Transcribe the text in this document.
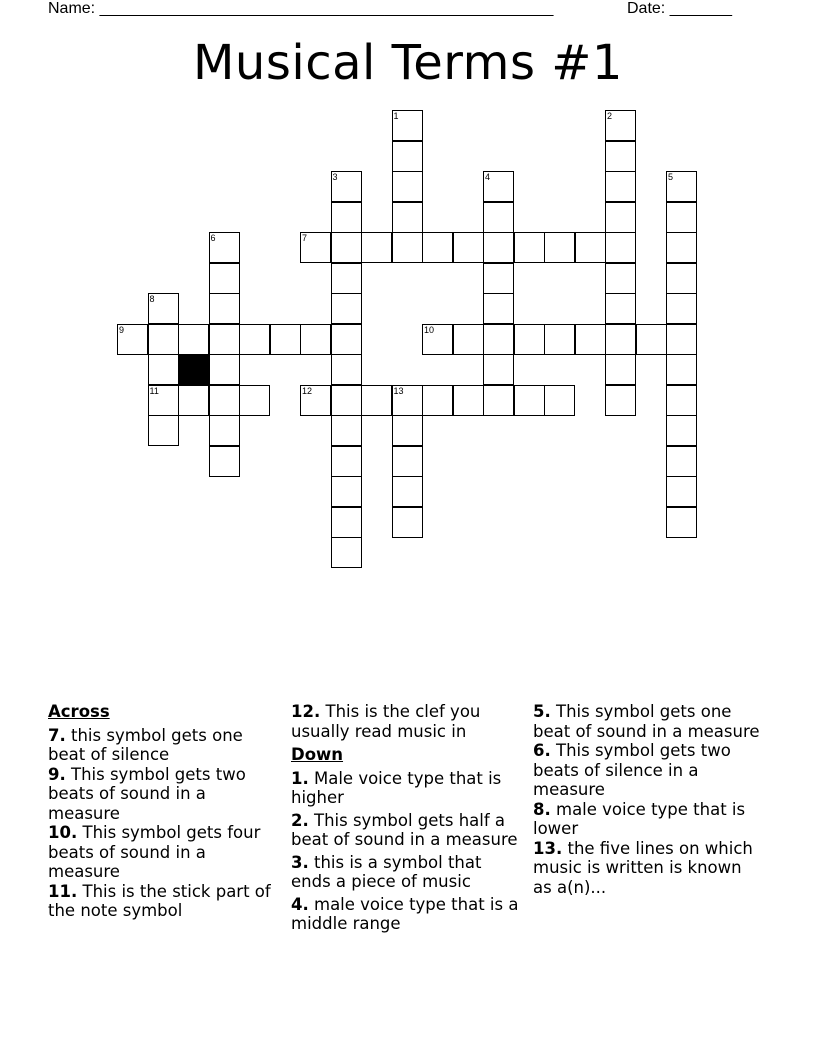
Name: ___________________________________________________	Date: _______
Musical Terms #1
7
9	10
11	12	13
1	2
3	4	5
6
8
Across
7. this symbol gets one beat of silence
9. This symbol gets two beats of sound in a measure
10. This symbol gets four beats of sound in a measure
11. This is the stick part of the note symbol
12. This is the clef you usually read music in
Down
1. Male voice type that is higher
2. This symbol gets half a beat of sound in a measure
3. this is a symbol that ends a piece of music
4. male voice type that is a middle range
5. This symbol gets one beat of sound in a measure
6. This symbol gets two beats of silence in a measure
8. male voice type that is lower
13. the five lines on which music is written is known as a(n)...
